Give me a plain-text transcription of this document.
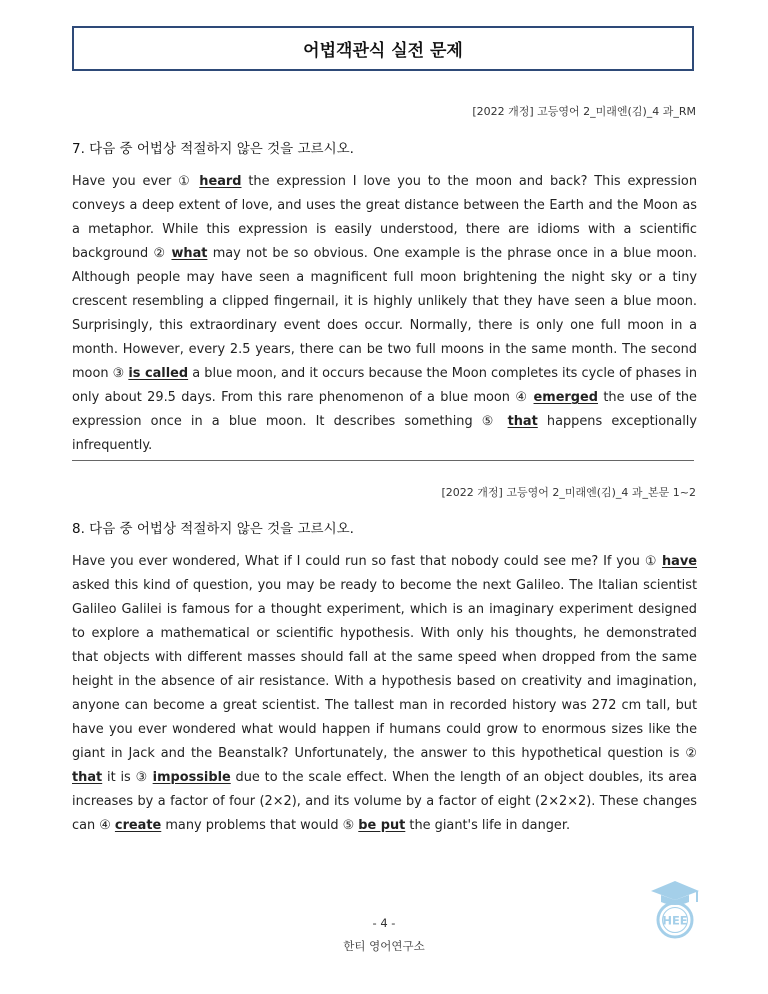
어법객관식 실전 문제
[2022 개정] 고등영어 2_미래엔(김)_4 과_RM
7. 다음 중 어법상 적절하지 않은 것을 고르시오.
Have you ever ① heard the expression I love you to the moon and back? This expression conveys a deep extent of love, and uses the great distance between the Earth and the Moon as a metaphor. While this expression is easily understood, there are idioms with a scientific background ② what may not be so obvious. One example is the phrase once in a blue moon. Although people may have seen a magnificent full moon brightening the night sky or a tiny crescent resembling a clipped fingernail, it is highly unlikely that they have seen a blue moon. Surprisingly, this extraordinary event does occur. Normally, there is only one full moon in a month. However, every 2.5 years, there can be two full moons in the same month. The second moon ③ is called a blue moon, and it occurs because the Moon completes its cycle of phases in only about 29.5 days. From this rare phenomenon of a blue moon ④ emerged the use of the expression once in a blue moon. It describes something ⑤ that happens exceptionally infrequently.
[2022 개정] 고등영어 2_미래엔(김)_4 과_본문 1~2
8. 다음 중 어법상 적절하지 않은 것을 고르시오.
Have you ever wondered, What if I could run so fast that nobody could see me? If you ① have asked this kind of question, you may be ready to become the next Galileo. The Italian scientist Galileo Galilei is famous for a thought experiment, which is an imaginary experiment designed to explore a mathematical or scientific hypothesis. With only his thoughts, he demonstrated that objects with different masses should fall at the same speed when dropped from the same height in the absence of air resistance. With a hypothesis based on creativity and imagination, anyone can become a great scientist. The tallest man in recorded history was 272 cm tall, but have you ever wondered what would happen if humans could grow to enormous sizes like the giant in Jack and the Beanstalk? Unfortunately, the answer to this hypothetical question is ② that it is ③ impossible due to the scale effect. When the length of an object doubles, its area increases by a factor of four (2×2), and its volume by a factor of eight (2×2×2). These changes can ④ create many problems that would ⑤ be put the giant's life in danger.
HEE
- 4 -
한티 영어연구소
